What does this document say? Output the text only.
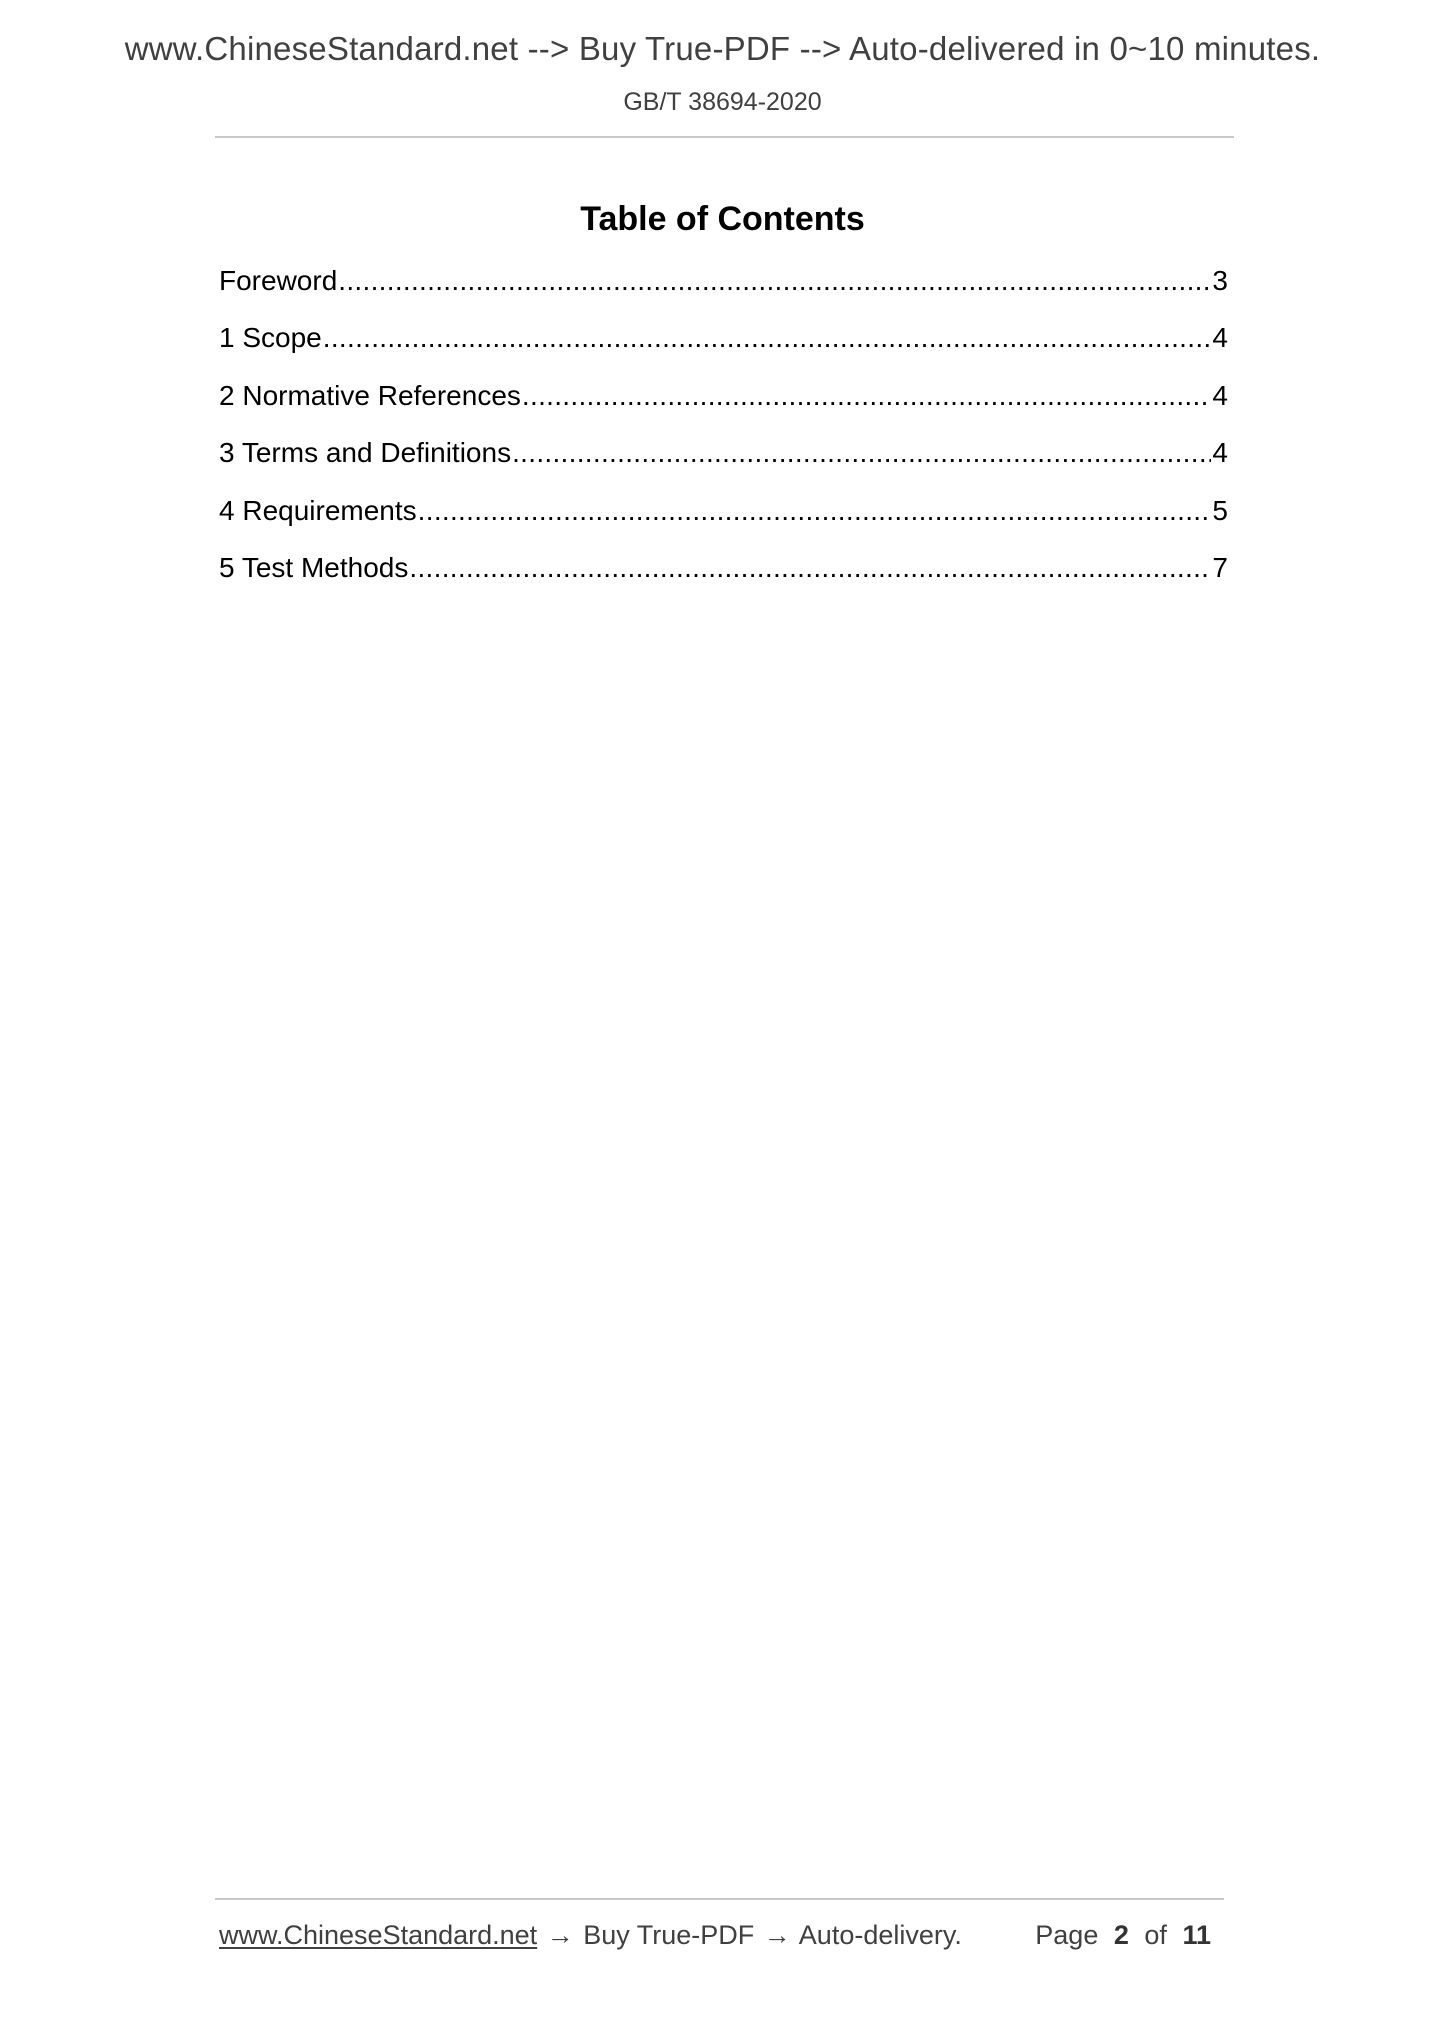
www.ChineseStandard.net --> Buy True-PDF --> Auto-delivered in 0~10 minutes.
GB/T 38694-2020
Table of Contents
Foreword .....	3
1 Scope .....	4
2 Normative References .....	4
3 Terms and Definitions .....	4
4 Requirements .....	5
5 Test Methods .....	7
www.ChineseStandard.net → Buy True-PDF → Auto-delivery.	Page 2 of 11
